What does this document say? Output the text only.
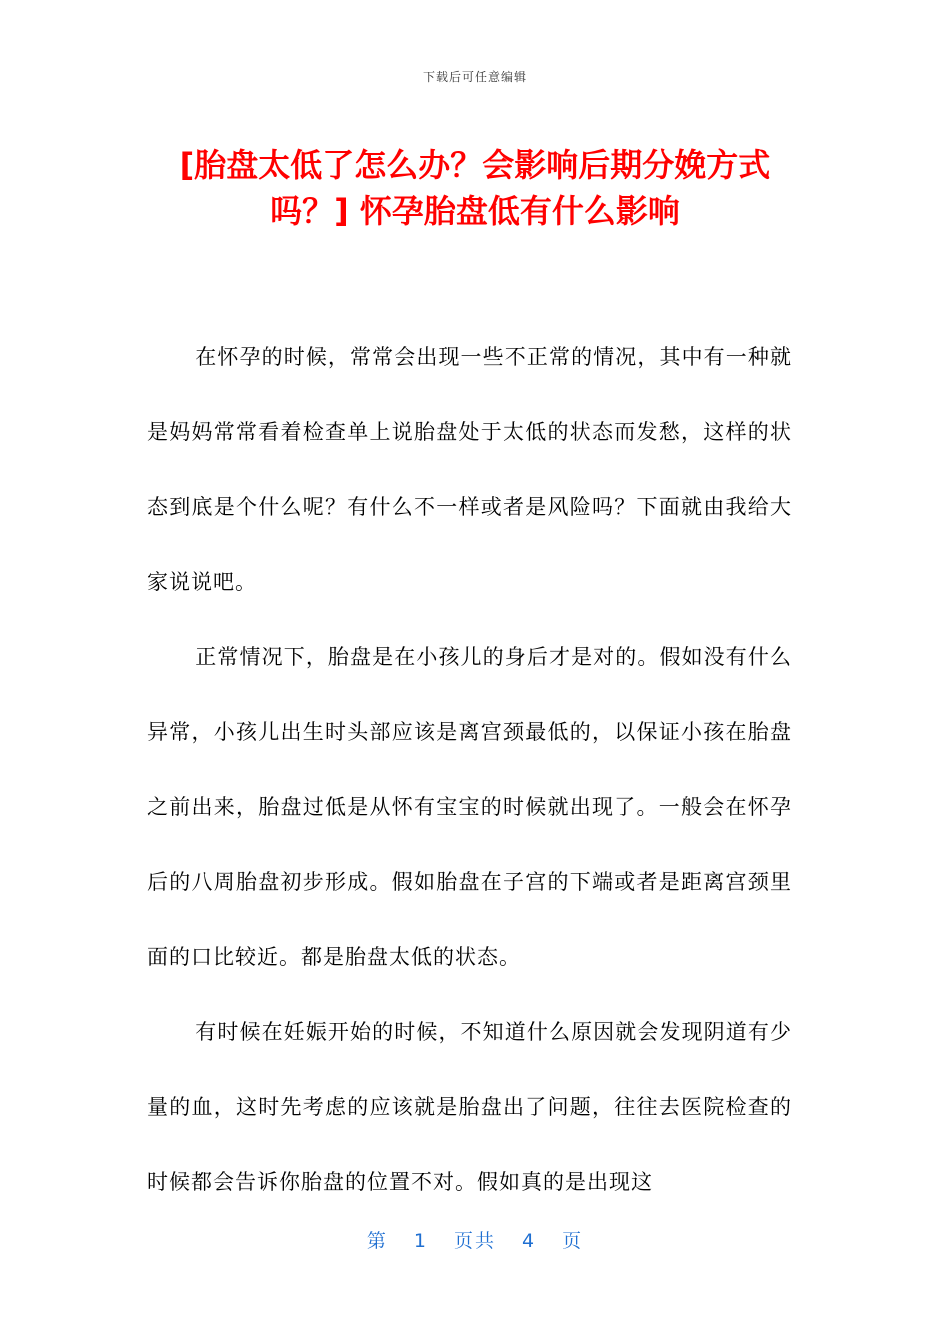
下载后可任意编辑
[胎盘太低了怎么办？会影响后期分娩方式吗？] 怀孕胎盘低有什么影响

在怀孕的时候，常常会出现一些不正常的情况，其中有一种就是妈妈常常看着检查单上说胎盘处于太低的状态而发愁，这样的状态到底是个什么呢？有什么不一样或者是风险吗？下面就由我给大家说说吧。

正常情况下，胎盘是在小孩儿的身后才是对的。假如没有什么异常，小孩儿出生时头部应该是离宫颈最低的，以保证小孩在胎盘之前出来，胎盘过低是从怀有宝宝的时候就出现了。一般会在怀孕后的八周胎盘初步形成。假如胎盘在子宫的下端或者是距离宫颈里面的口比较近。都是胎盘太低的状态。

有时候在妊娠开始的时候，不知道什么原因就会发现阴道有少量的血，这时先考虑的应该就是胎盘出了问题，往往去医院检查的时候都会告诉你胎盘的位置不对。假如真的是出现这

第 1 页共 4 页
